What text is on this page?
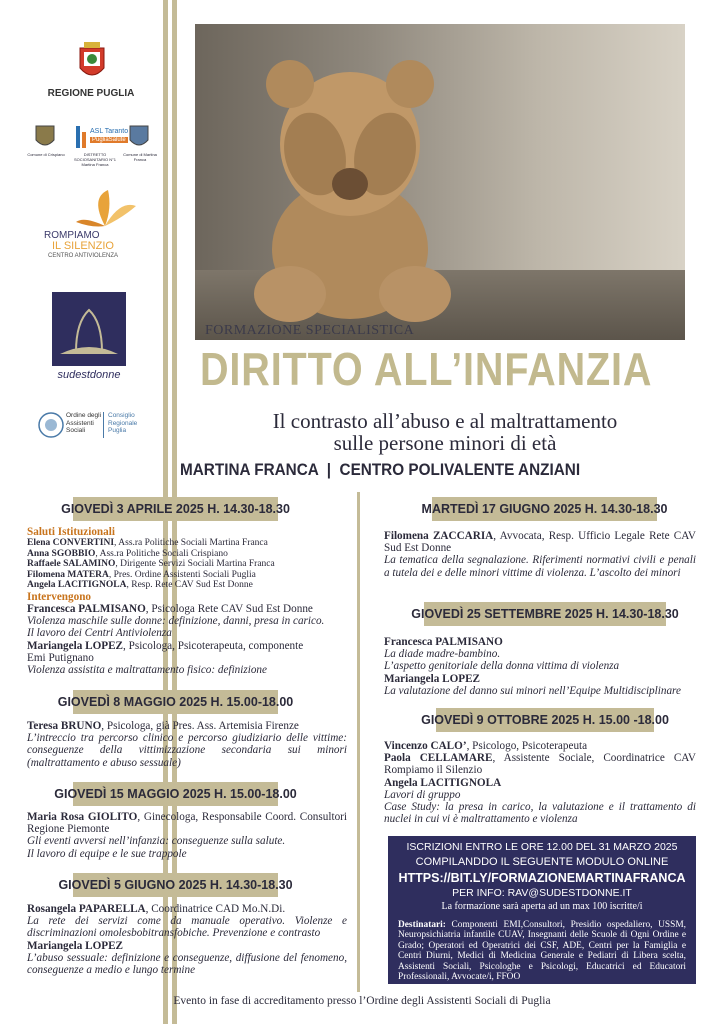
REGIONE PUGLIA
Comune di Crispiano
ASL Taranto
PugliaSalute
DISTRETTO SOCIOSANITARIO N°1 Martina Franca
Comune di Martina Franca
ROMPIAMO
IL SILENZIO
CENTRO ANTIVIOLENZA
sudestdonne
Ordine degli
Assistenti
Sociali
Consiglio
Regionale
Puglia
FORMAZIONE SPECIALISTICA
DIRITTO ALL’INFANZIA
Il contrasto all’abuso e al maltrattamento
sulle persone minori di età
MARTINA FRANCA  |  CENTRO POLIVALENTE ANZIANI
GIOVEDÌ 3 APRILE 2025 H. 14.30-18.30

Saluti Istituzionali

Elena CONVERTINI, Ass.ra Politiche Sociali Martina Franca

Anna SGOBBIO, Ass.ra Politiche Sociali Crispiano

Raffaele SALAMINO, Dirigente Servizi Sociali Martina Franca

Filomena MATERA, Pres. Ordine Assistenti Sociali Puglia

Angela LACITIGNOLA, Resp. Rete CAV Sud Est Donne

Intervengono

Francesca PALMISANO, Psicologa Rete CAV Sud Est Donne

Violenza maschile sulle donne: definizione, danni, presa in carico.

Il lavoro dei Centri Antiviolenza

Mariangela LOPEZ, Psicologa, Psicoterapeuta, componente

Emi Putignano

Violenza assistita e maltrattamento fisico: definizione

GIOVEDÌ 8 MAGGIO 2025 H. 15.00-18.00

Teresa BRUNO, Psicologa, già Pres. Ass. Artemisia Firenze

L’intreccio tra percorso clinico e percorso giudiziario delle vittime: conseguenze della vittimizzazione secondaria sui minori (maltrattamento e abuso sessuale)

GIOVEDÌ 15 MAGGIO 2025 H. 15.00-18.00

Maria Rosa GIOLITO, Ginecologa, Responsabile Coord. Consultori Regione Piemonte

Gli eventi avversi nell’infanzia: conseguenze sulla salute.

Il lavoro di equipe e le sue trappole

GIOVEDÌ 5 GIUGNO 2025 H. 14.30-18.30

Rosangela PAPARELLA, Coordinatrice CAD Mo.N.Di.

La rete dei servizi come da manuale operativo. Violenze e discriminazioni omolesbobitransfobiche. Prevenzione e contrasto

Mariangela LOPEZ

L’abuso sessuale: definizione e conseguenze, diffusione del fenomeno, conseguenze a medio e lungo termine

MARTEDÌ 17 GIUGNO 2025 H. 14.30-18.30

Filomena ZACCARIA, Avvocata, Resp. Ufficio Legale Rete CAV Sud Est Donne

La tematica della segnalazione. Riferimenti normativi civili e penali a tutela dei e delle minori vittime di violenza. L’ascolto dei minori

GIOVEDÌ 25 SETTEMBRE 2025 H. 14.30-18.30

Francesca PALMISANO

La diade madre-bambino.

L’aspetto genitoriale della donna vittima di violenza

Mariangela LOPEZ

La valutazione del danno sui minori nell’Equipe Multidisciplinare

GIOVEDÌ 9 OTTOBRE 2025 H. 15.00 -18.00

Vincenzo CALO’, Psicologo, Psicoterapeuta

Paola CELLAMARE, Assistente Sociale, Coordinatrice CAV Rompiamo il Silenzio

Angela LACITIGNOLA

Lavori di gruppo

Case Study: la presa in carico, la valutazione e il trattamento di nuclei in cui vi è maltrattamento e violenza

ISCRIZIONI ENTRO LE ORE 12.00 DEL 31 MARZO 2025
COMPILANDDO IL SEGUENTE MODULO ONLINE
HTTPS://BIT.LY/FORMAZIONEMARTINAFRANCA
PER INFO: RAV@SUDESTDONNE.IT
La formazione sarà aperta ad un max 100 iscritte/i
Destinatari: Componenti EMI,Consultori, Presidio ospedaliero, USSM, Neuropsichiatria infantile CUAV, Insegnanti delle Scuole di Ogni Ordine e Grado; Operatori ed Operatrici dei CSF, ADE, Centri per la Famiglia e Centri Diurni, Medici di Medicina Generale e Pediatri di Libera scelta, Assistenti Sociali, Psicologhe e Psicologi, Educatrici ed Educatori Professionali, Avvocate/i, FFOO
Evento in fase di accreditamento presso l’Ordine degli Assistenti Sociali di Puglia
